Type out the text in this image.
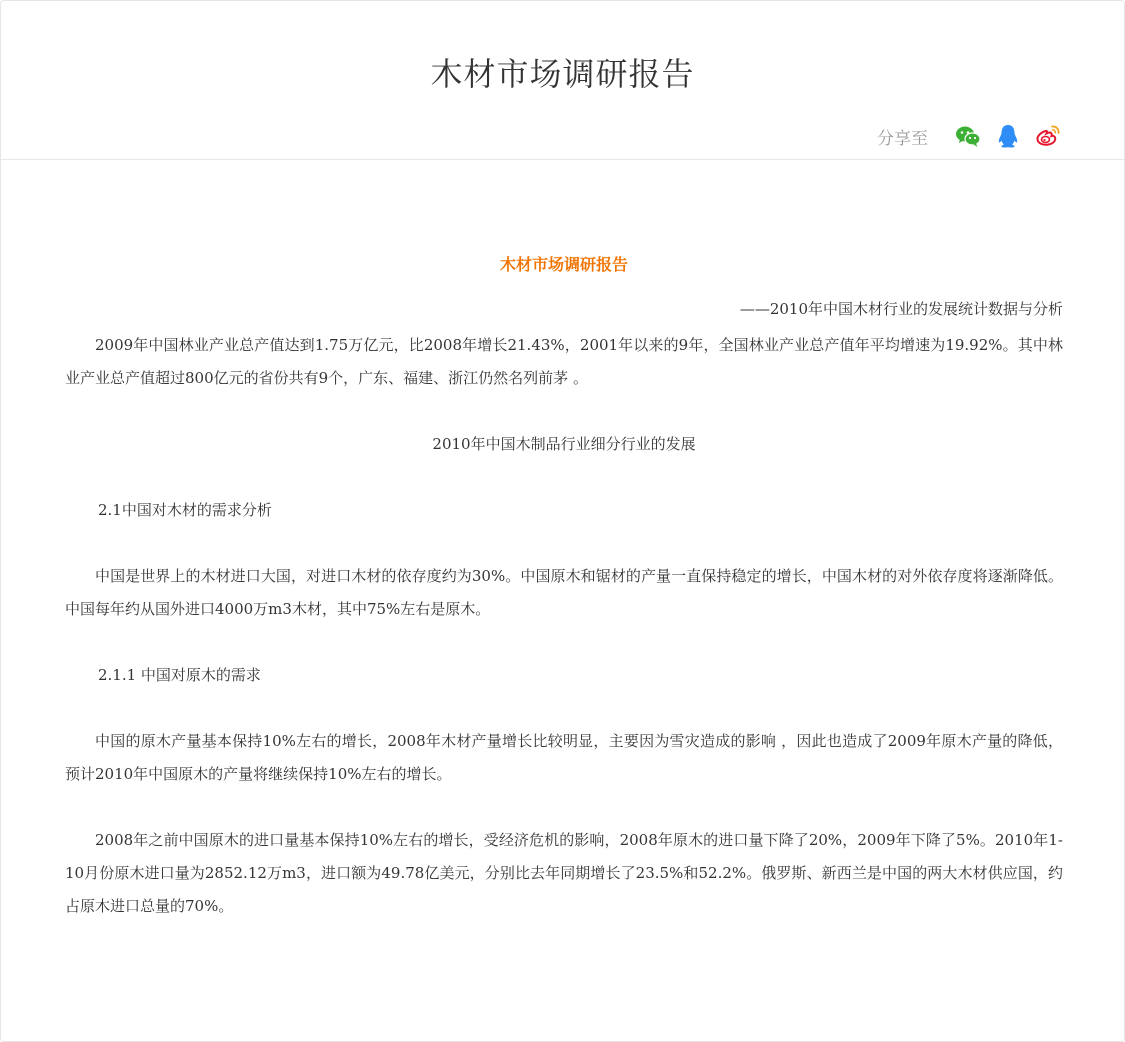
木材市场调研报告
分享至
木材市场调研报告
——2010年中国木材行业的发展统计数据与分析

2009年中国林业产业总产值达到1.75万亿元，比2008年增长21.43%，2001年以来的9年，全国林业产业总产值年平均增速为19.92%。其中林业产业总产值超过800亿元的省份共有9个，广东、福建、浙江仍然名列前茅 。

2010年中国木制品行业细分行业的发展

2.1中国对木材的需求分析

中国是世界上的木材进口大国，对进口木材的依存度约为30%。中国原木和锯材的产量一直保持稳定的增长，中国木材的对外依存度将逐渐降低。中国每年约从国外进口4000万m3木材，其中75%左右是原木。

2.1.1 中国对原木的需求

中国的原木产量基本保持10%左右的增长，2008年木材产量增长比较明显，主要因为雪灾造成的影响 ，因此也造成了2009年原木产量的降低，预计2010年中国原木的产量将继续保持10%左右的增长。

2008年之前中国原木的进口量基本保持10%左右的增长，受经济危机的影响，2008年原木的进口量下降了20%，2009年下降了5%。2010年1-10月份原木进口量为2852.12万m3，进口额为49.78亿美元，分别比去年同期增长了23.5%和52.2%。俄罗斯、新西兰是中国的两大木材供应国，约占原木进口总量的70%。
